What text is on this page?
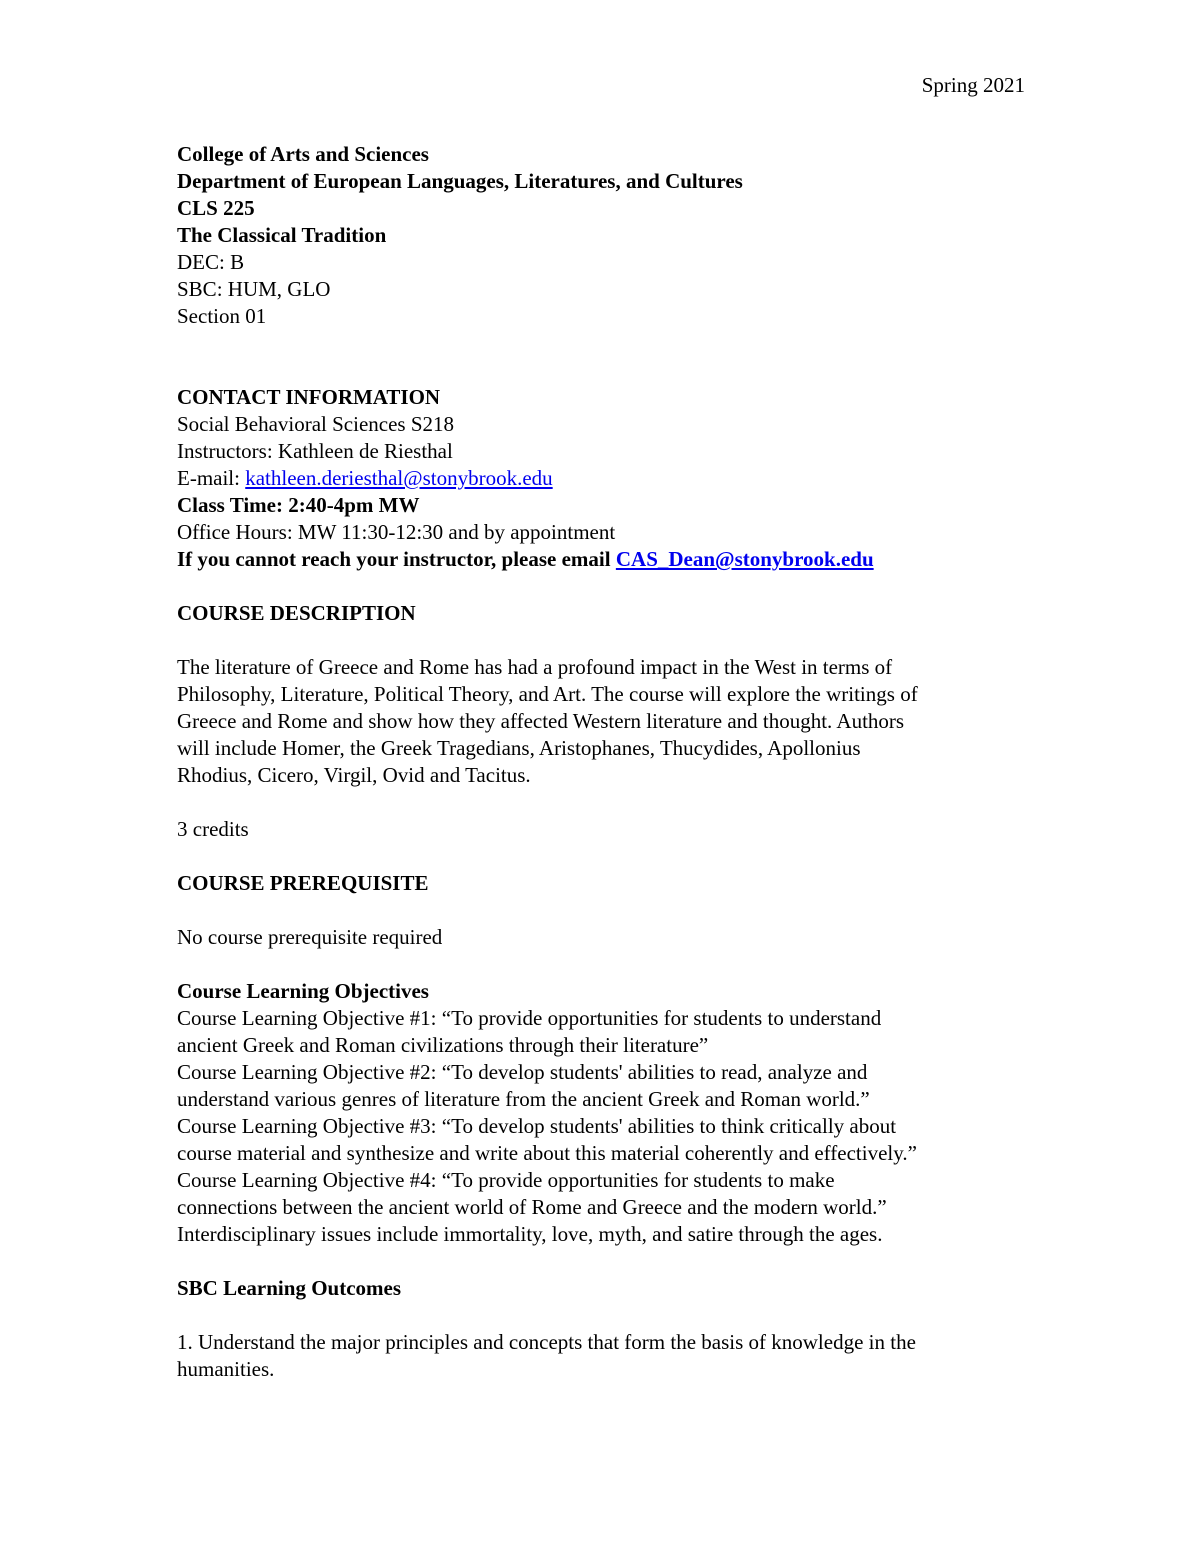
Spring 2021
College of Arts and Sciences
Department of European Languages, Literatures, and Cultures
CLS 225
The Classical Tradition
DEC: B
SBC: HUM, GLO
Section 01
CONTACT INFORMATION
Social Behavioral Sciences S218
Instructors: Kathleen de Riesthal
E-mail: kathleen.deriesthal@stonybrook.edu
Class Time: 2:40-4pm MW
Office Hours: MW 11:30-12:30 and by appointment
If you cannot reach your instructor, please email CAS_Dean@stonybrook.edu
COURSE DESCRIPTION
The literature of Greece and Rome has had a profound impact in the West in terms of
Philosophy, Literature, Political Theory, and Art. The course will explore the writings of
Greece and Rome and show how they affected Western literature and thought. Authors
will include Homer, the Greek Tragedians, Aristophanes, Thucydides, Apollonius
Rhodius, Cicero, Virgil, Ovid and Tacitus.
3 credits
COURSE PREREQUISITE
No course prerequisite required
Course Learning Objectives
Course Learning Objective #1: “To provide opportunities for students to understand
ancient Greek and Roman civilizations through their literature”
Course Learning Objective #2: “To develop students' abilities to read, analyze and
understand various genres of literature from the ancient Greek and Roman world.”
Course Learning Objective #3: “To develop students' abilities to think critically about
course material and synthesize and write about this material coherently and effectively.”
Course Learning Objective #4: “To provide opportunities for students to make
connections between the ancient world of Rome and Greece and the modern world.”
Interdisciplinary issues include immortality, love, myth, and satire through the ages.
SBC Learning Outcomes
1. Understand the major principles and concepts that form the basis of knowledge in the
humanities.
